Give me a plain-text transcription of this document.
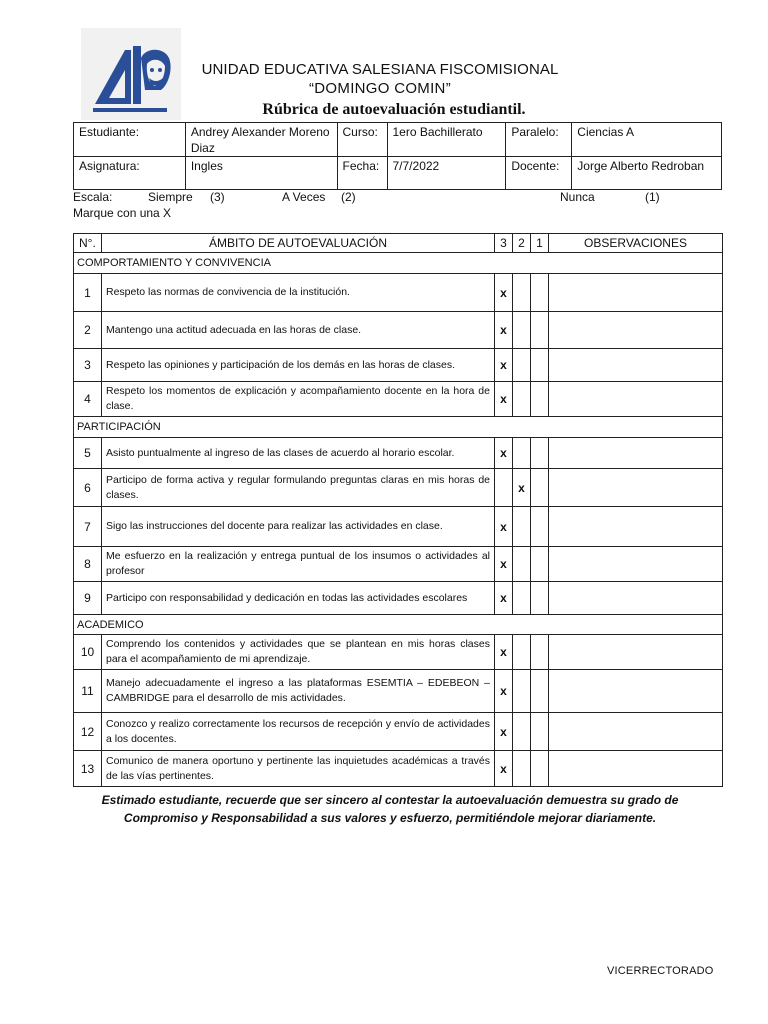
UNIDAD EDUCATIVA SALESIANA FISCOMISIONAL
“DOMINGO COMIN”
Rúbrica de autoevaluación estudiantil.
Estudiante:	Andrey Alexander Moreno Diaz	Curso:	1ero Bachillerato	Paralelo:	Ciencias A
Asignatura:	Ingles	Fecha:	7/7/2022	Docente:	Jorge Alberto Redroban
Escala:	Siempre (3)	A Veces (2)	Nunca	(1)
Marque con una X
N°.	ÁMBITO DE AUTOEVALUACIÓN	3	2	1	OBSERVACIONES
COMPORTAMIENTO Y CONVIVENCIA					
1	Respeto las normas de convivencia de la institución.	x			
2	Mantengo una actitud adecuada en las horas de clase.	x			
3	Respeto las opiniones y participación de los demás en las horas de clases.	x			
4	Respeto los momentos de explicación y acompañamiento docente en la hora de clase.	x			
PARTICIPACIÓN					
5	Asisto puntualmente al ingreso de las clases de acuerdo al horario escolar.	x			
6	Participo de forma activa y regular formulando preguntas claras en mis horas de clases.		x		
7	Sigo las instrucciones del docente para realizar las actividades en clase.	x			
8	Me esfuerzo en la realización y entrega puntual de los insumos o actividades al profesor	x			
9	Participo con responsabilidad y dedicación en todas las actividades escolares	x			
ACADEMICO					
10	Comprendo los contenidos y actividades que se plantean en mis horas clases para el acompañamiento de mi aprendizaje.	x			
11	Manejo adecuadamente el ingreso a las plataformas ESEMTIA – EDEBEON – CAMBRIDGE para el desarrollo de mis actividades.	x			
12	Conozco y realizo correctamente los recursos de recepción y envío de actividades a los docentes.	x			
13	Comunico de manera oportuno y pertinente las inquietudes académicas a través de las vías pertinentes.	x			
Estimado estudiante, recuerde que ser sincero al contestar la autoevaluación demuestra su grado de
Compromiso y Responsabilidad a sus valores y esfuerzo, permitiéndole mejorar diariamente.
VICERRECTORADO
